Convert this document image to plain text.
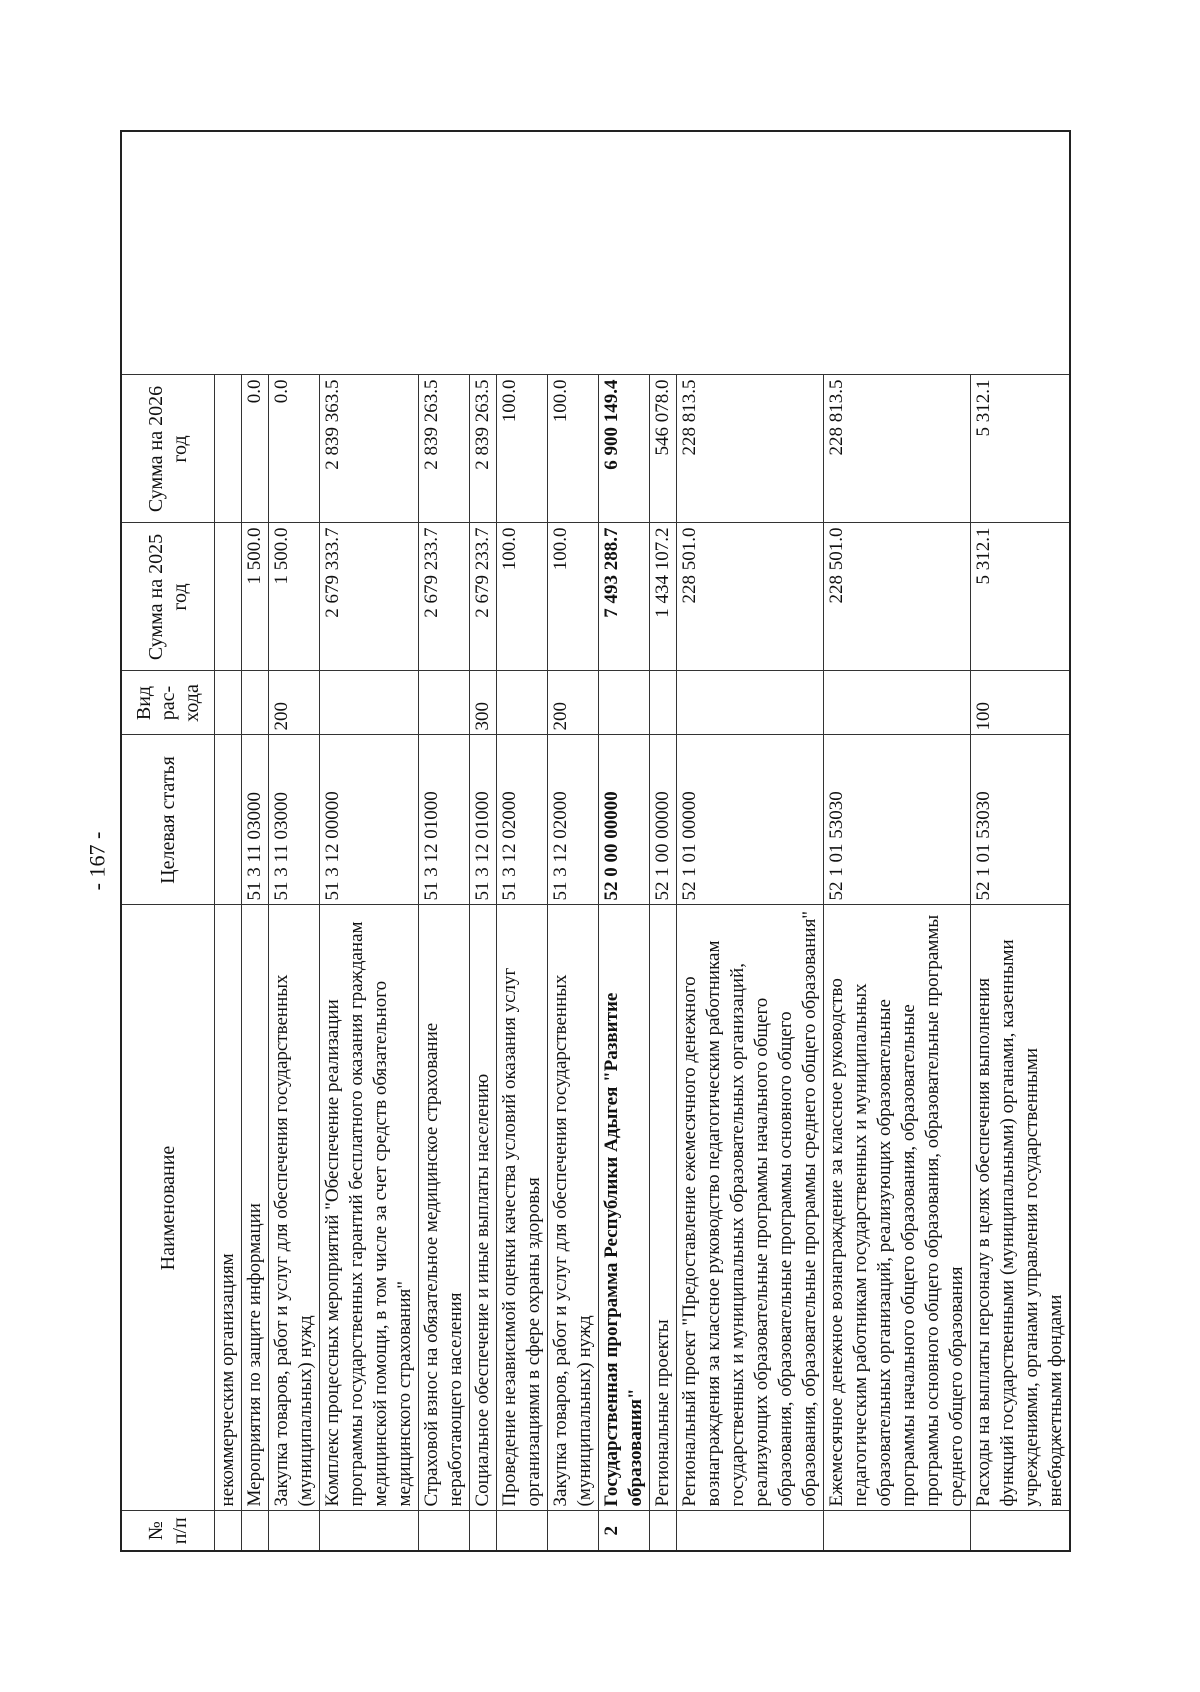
- 167 -
№ п/п	Наименование	Целевая статья	Вид рас-хода	Сумма на 2025 год	Сумма на 2026 год	
	некоммерческим организациям					
	Мероприятия по защите информации	51 3 11 03000		1 500.0	0.0	
	Закупка товаров, работ и услуг для обеспечения государственных (муниципальных) нужд	51 3 11 03000	200	1 500.0	0.0	
	Комплекс процессных мероприятий "Обеспечение реализации программы государственных гарантий бесплатного оказания гражданам медицинской помощи, в том числе за счет средств обязательного медицинского страхования"	51 3 12 00000		2 679 333.7	2 839 363.5	
	Страховой взнос на обязательное медицинское страхование неработающего населения	51 3 12 01000		2 679 233.7	2 839 263.5	
	Социальное обеспечение и иные выплаты населению	51 3 12 01000	300	2 679 233.7	2 839 263.5	
	Проведение независимой оценки качества условий оказания услуг организациями в сфере охраны здоровья	51 3 12 02000		100.0	100.0	
	Закупка товаров, работ и услуг для обеспечения государственных (муниципальных) нужд	51 3 12 02000	200	100.0	100.0	
2	Государственная программа Республики Адыгея "Развитие образования"	52 0 00 00000		7 493 288.7	6 900 149.4	
	Региональные проекты	52 1 00 00000		1 434 107.2	546 078.0	
	Региональный проект "Предоставление ежемесячного денежного вознаграждения за классное руководство педагогическим работникам государственных и муниципальных образовательных организаций, реализующих образовательные программы начального общего образования, образовательные программы основного общего образования, образовательные программы среднего общего образования"	52 1 01 00000		228 501.0	228 813.5	
	Ежемесячное денежное вознаграждение за классное руководство педагогическим работникам государственных и муниципальных образовательных организаций, реализующих образовательные программы начального общего образования, образовательные программы основного общего образования, образовательные программы среднего общего образования	52 1 01 53030		228 501.0	228 813.5	
	Расходы на выплаты персоналу в целях обеспечения выполнения функций государственными (муниципальными) органами, казенными учреждениями, органами управления государственными внебюджетными фондами	52 1 01 53030	100	5 312.1	5 312.1	
